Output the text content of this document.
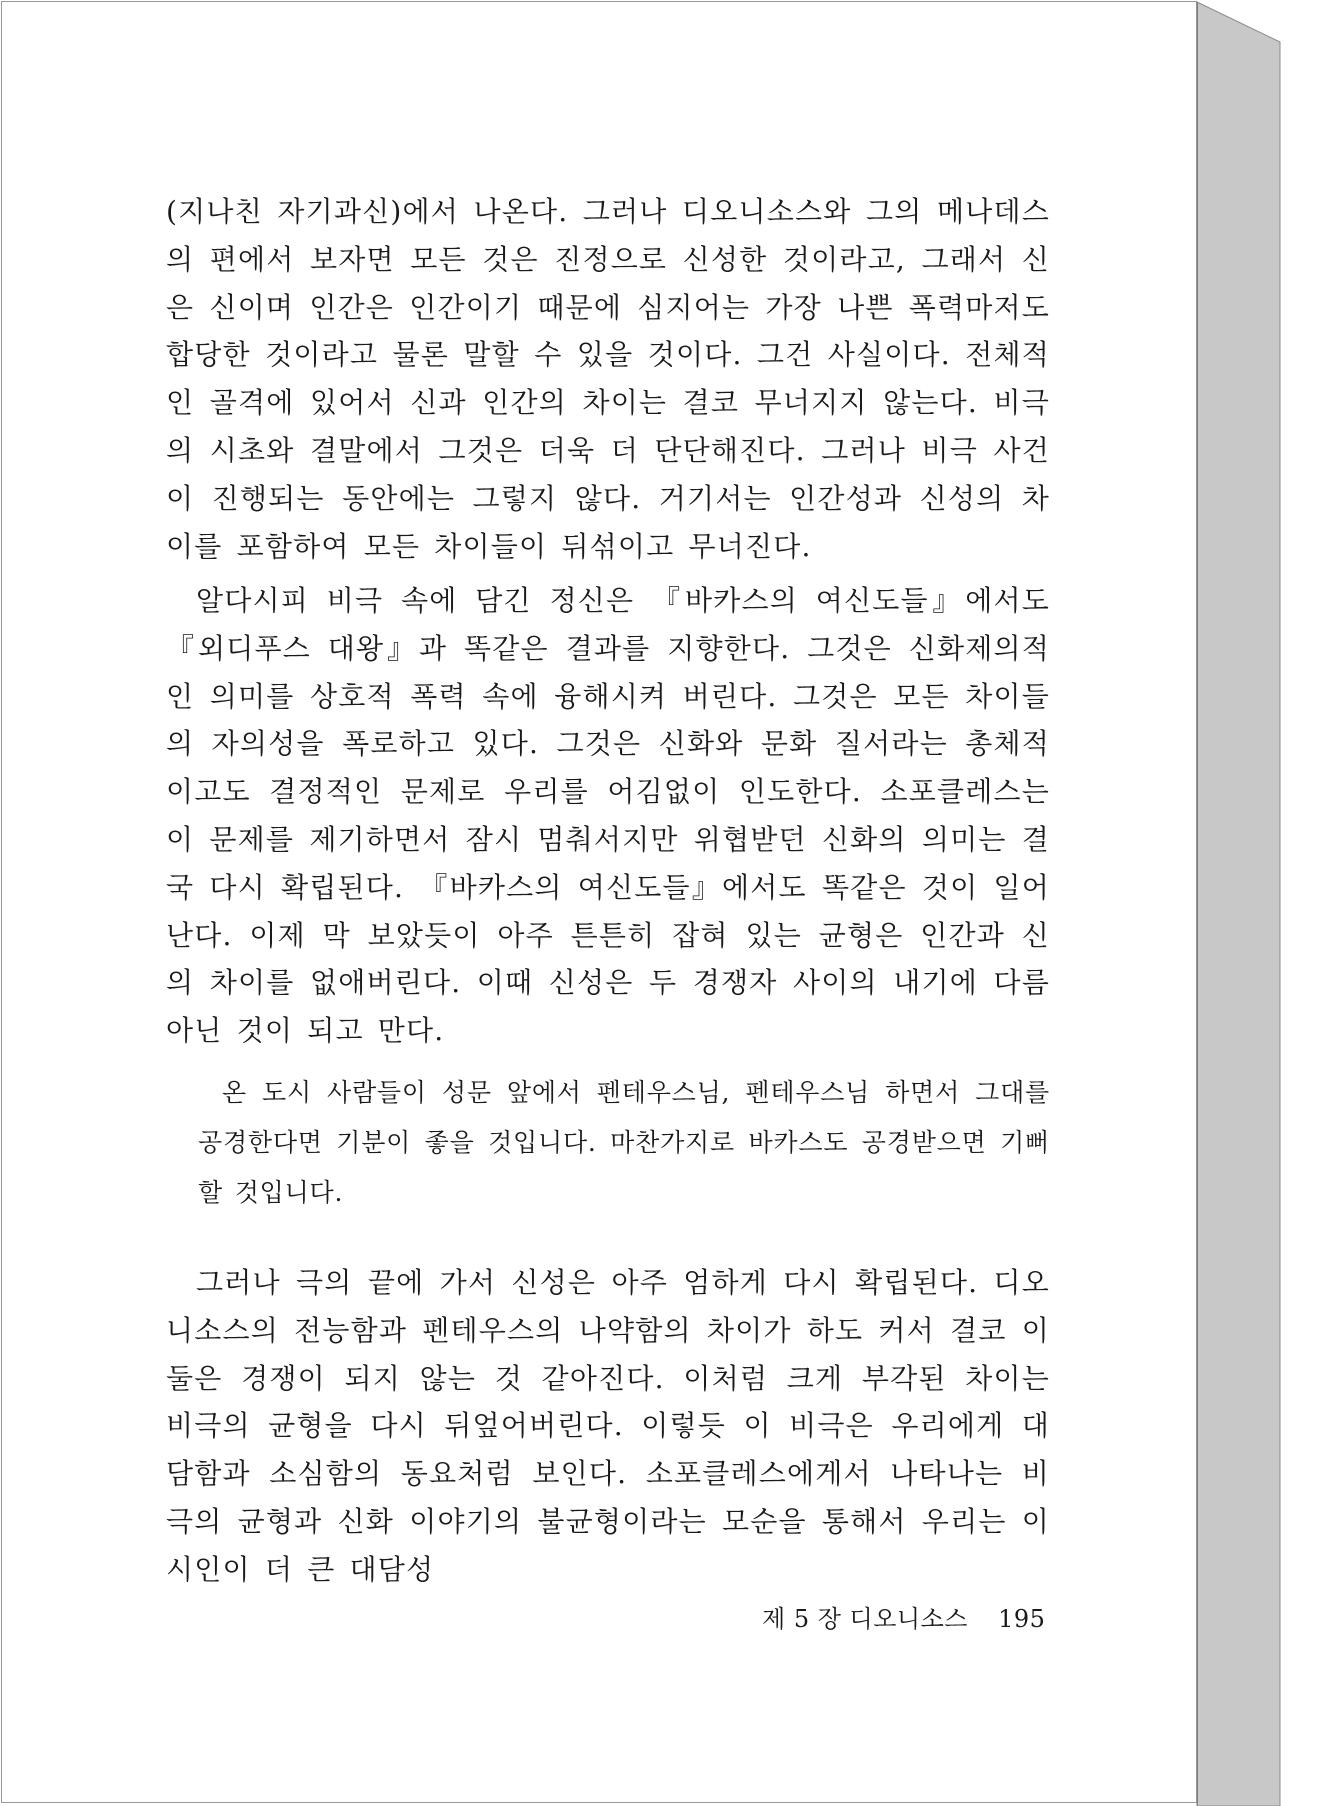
(지나친 자기과신)에서 나온다. 그러나 디오니소스와 그의 메나데스의 편에서 보자면 모든 것은 진정으로 신성한 것이라고, 그래서 신은 신이며 인간은 인간이기 때문에 심지어는 가장 나쁜 폭력마저도 합당한 것이라고 물론 말할 수 있을 것이다. 그건 사실이다. 전체적인 골격에 있어서 신과 인간의 차이는 결코 무너지지 않는다. 비극의 시초와 결말에서 그것은 더욱 더 단단해진다. 그러나 비극 사건이 진행되는 동안에는 그렇지 않다. 거기서는 인간성과 신성의 차이를 포함하여 모든 차이들이 뒤섞이고 무너진다.

알다시피 비극 속에 담긴 정신은 『바카스의 여신도들』에서도 『외디푸스 대왕』과 똑같은 결과를 지향한다. 그것은 신화제의적인 의미를 상호적 폭력 속에 융해시켜 버린다. 그것은 모든 차이들의 자의성을 폭로하고 있다. 그것은 신화와 문화 질서라는 총체적이고도 결정적인 문제로 우리를 어김없이 인도한다. 소포클레스는 이 문제를 제기하면서 잠시 멈춰서지만 위협받던 신화의 의미는 결국 다시 확립된다. 『바카스의 여신도들』에서도 똑같은 것이 일어난다. 이제 막 보았듯이 아주 튼튼히 잡혀 있는 균형은 인간과 신의 차이를 없애버린다. 이때 신성은 두 경쟁자 사이의 내기에 다름아닌 것이 되고 만다.

온 도시 사람들이 성문 앞에서 펜테우스님, 펜테우스님 하면서 그대를 공경한다면 기분이 좋을 것입니다. 마찬가지로 바카스도 공경받으면 기뻐할 것입니다.

그러나 극의 끝에 가서 신성은 아주 엄하게 다시 확립된다. 디오니소스의 전능함과 펜테우스의 나약함의 차이가 하도 커서 결코 이 둘은 경쟁이 되지 않는 것 같아진다. 이처럼 크게 부각된 차이는 비극의 균형을 다시 뒤엎어버린다. 이렇듯 이 비극은 우리에게 대담함과 소심함의 동요처럼 보인다. 소포클레스에게서 나타나는 비극의 균형과 신화 이야기의 불균형이라는 모순을 통해서 우리는 이 시인이 더 큰 대담성

제 5 장 디오니소스 195
